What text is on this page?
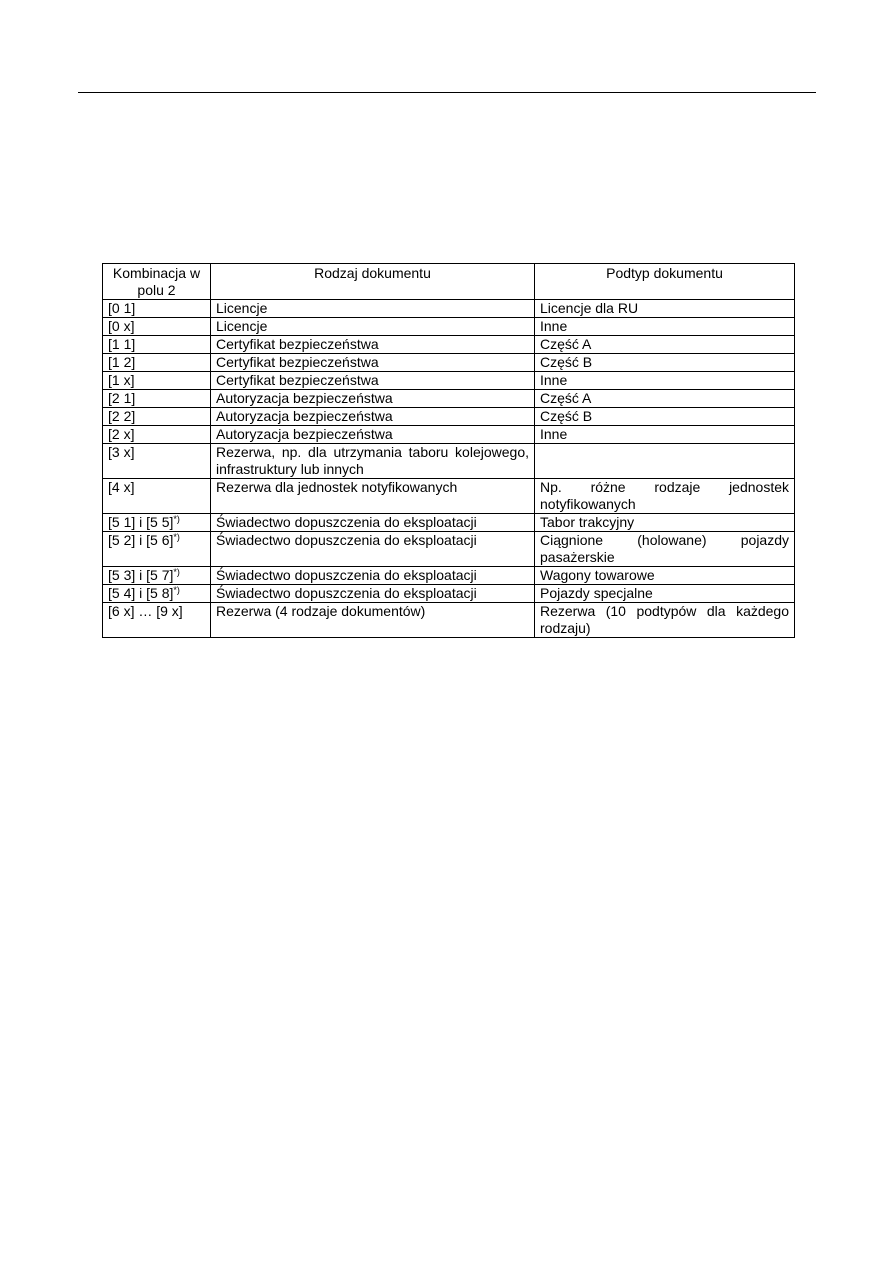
Kombinacja w polu 2	Rodzaj dokumentu	Podtyp dokumentu
[0 1]	Licencje	Licencje dla RU
[0 x]	Licencje	Inne
[1 1]	Certyfikat bezpieczeństwa	Część A
[1 2]	Certyfikat bezpieczeństwa	Część B
[1 x]	Certyfikat bezpieczeństwa	Inne
[2 1]	Autoryzacja bezpieczeństwa	Część A
[2 2]	Autoryzacja bezpieczeństwa	Część B
[2 x]	Autoryzacja bezpieczeństwa	Inne
[3 x]	Rezerwa, np. dla utrzymania taboru kolejowego, infrastruktury lub innych	
[4 x]	Rezerwa dla jednostek notyfikowanych	Np. różne rodzaje jednostek notyfikowanych
[5 1] i [5 5]*)	Świadectwo dopuszczenia do eksploatacji	Tabor trakcyjny
[5 2] i [5 6]*)	Świadectwo dopuszczenia do eksploatacji	Ciągnione (holowane) pojazdy pasażerskie
[5 3] i [5 7]*)	Świadectwo dopuszczenia do eksploatacji	Wagony towarowe
[5 4] i [5 8]*)	Świadectwo dopuszczenia do eksploatacji	Pojazdy specjalne
[6 x] … [9 x]	Rezerwa (4 rodzaje dokumentów)	Rezerwa (10 podtypów dla każdego rodzaju)
